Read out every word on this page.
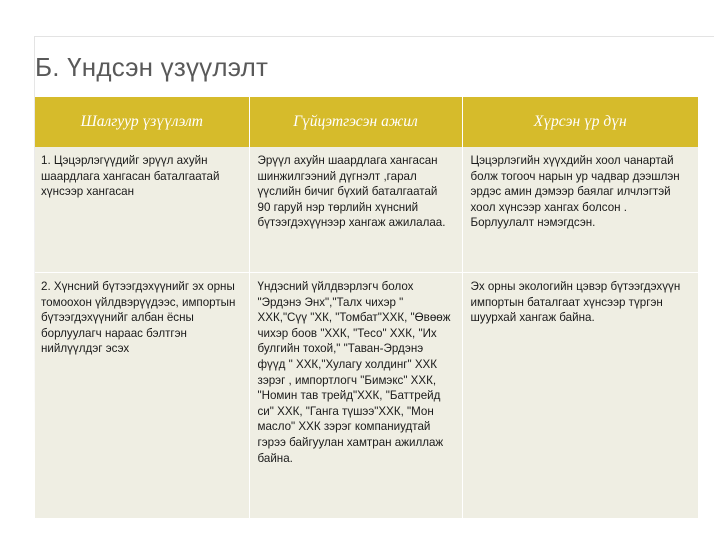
Б. Үндсэн үзүүлэлт
Шалгуур үзүүлэлт	Гүйцэтгэсэн ажил	Хүрсэн үр дүн
1. Цэцэрлэгүүдийг эрүүл ахуйн шаардлага хангасан баталгаатай хүнсээр хангасан	Эрүүл ахуйн шаардлага хангасан шинжилгээний дүгнэлт ,гарал үүслийн бичиг бүхий баталгаатай 90 гаруй нэр төрлийн хүнсний бүтээгдэхүүнээр хангаж ажилалаа.	Цэцэрлэгийн хүүхдийн хоол чанартай болж тогооч нарын ур чадвар дээшлэн эрдэс амин дэмээр баялаг илчлэгтэй хоол хүнсээр хангах болсон . Борлуулалт нэмэгдсэн.
2. Хүнсний бүтээгдэхүүнийг эх орны томоохон үйлдвэрүүдээс, импортын бүтээгдэхүүнийг албан ёсны борлуулагч нараас бэлтгэн нийлүүлдэг эсэх	Үндэсний үйлдвэрлэгч болох "Эрдэнэ Энх","Талх чихэр " ХХК,"Сүү "ХК, "Томбат"ХХК, "Өвөөж чихэр боов "ХХК, "Тесо" ХХК, "Их булгийн тохой," "Таван-Эрдэнэ фүүд " ХХК,"Хулагу холдинг" ХХК зэрэг , импортлогч "Бимэкс" ХХК, "Номин тав трейд"ХХК, "Баттрейд си" ХХК, "Ганга түшээ"ХХК, "Мон масло" ХХК зэрэг компаниудтай гэрээ байгуулан хамтран ажиллаж байна.	Эх орны экологийн цэвэр бүтээгдэхүүн импортын баталгаат хүнсээр түргэн шуурхай хангаж байна.
